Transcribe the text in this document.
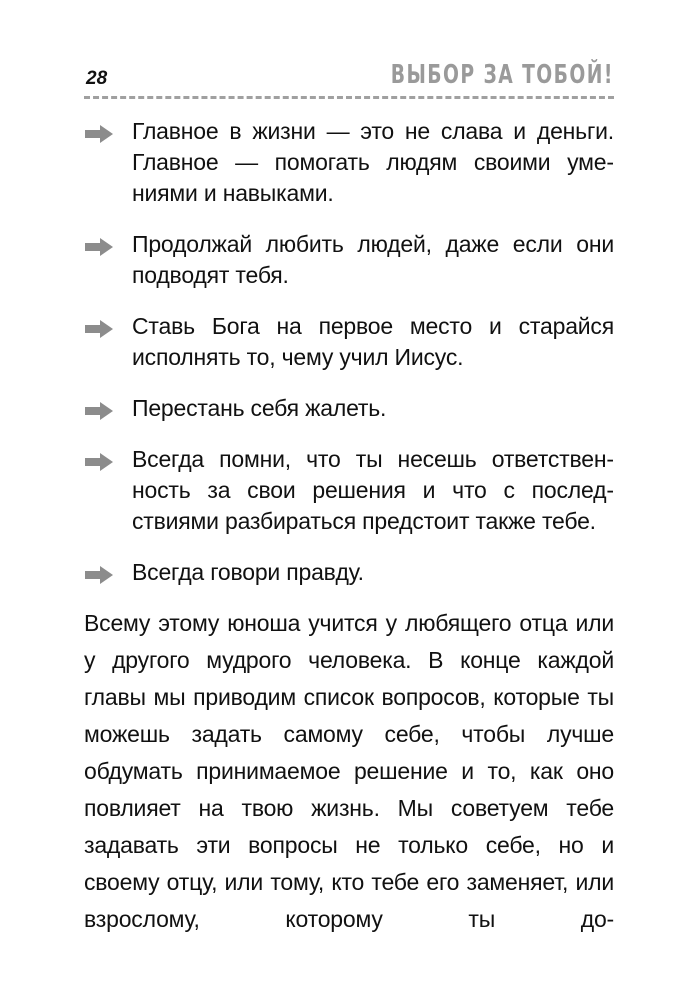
28	ВЫБОР ЗА ТОБОЙ!
Главное в жизни — это не слава и деньги. Главное — помогать людям своими умениями и навыками.
Продолжай любить людей, даже если они подводят тебя.
Ставь Бога на первое место и старайся исполнять то, чему учил Иисус.
Перестань себя жалеть.
Всегда помни, что ты несешь ответственность за свои решения и что с последствиями разбираться предстоит также тебе.
Всегда говори правду.

Всему этому юноша учится у любящего отца или у другого мудрого человека. В конце каждой главы мы приводим список вопросов, которые ты можешь задать самому себе, чтобы лучше обдумать принимаемое решение и то, как оно повлияет на твою жизнь. Мы советуем тебе задавать эти вопросы не только себе, но и своему отцу, или тому, кто тебе его заменяет, или взрослому, которому ты до-
